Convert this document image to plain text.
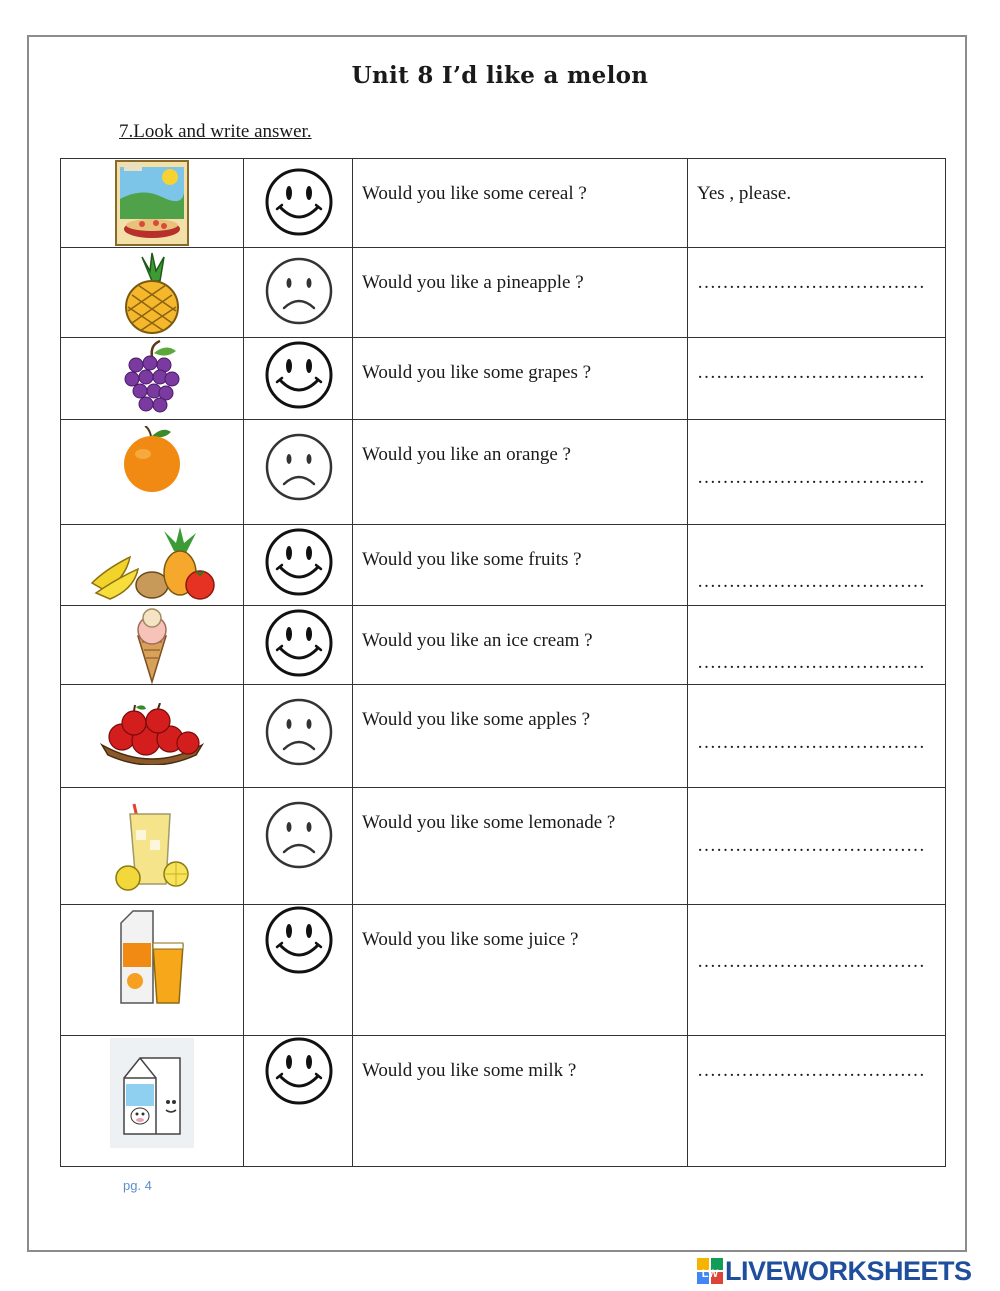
Unit 8 I’d like a melon
7.Look and write answer.

Would you like some cereal ?	Yes , please.

Would you like a pineapple ?	………………………………

Would you like some grapes ?	………………………………

Would you like an orange ?	………………………………

Would you like some fruits ?	………………………………

Would you like an ice cream ?	………………………………

Would you like some apples ?	………………………………

Would you like some lemonade ?	………………………………

Would you like some juice ?	………………………………

Would you like some milk ?	………………………………
pg. 4
LW LIVEWORKSHEETS
